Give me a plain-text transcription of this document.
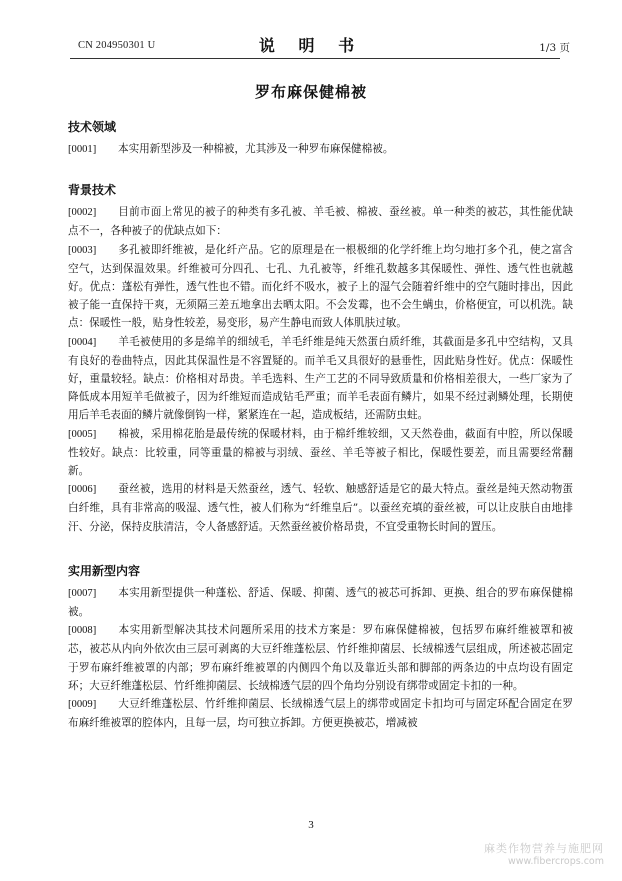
CN 204950301 U	说 明 书	1/3 页
罗布麻保健棉被
技术领域

[0001] 本实用新型涉及一种棉被，尤其涉及一种罗布麻保健棉被。

背景技术

[0002] 目前市面上常见的被子的种类有多孔被、羊毛被、棉被、蚕丝被。单一种类的被芯，其性能优缺点不一，各种被子的优缺点如下：

[0003] 多孔被即纤维被，是化纤产品。它的原理是在一根极细的化学纤维上均匀地打多个孔，使之富含空气，达到保温效果。纤维被可分四孔、七孔、九孔被等，纤维孔数越多其保暖性、弹性、透气性也就越好。优点：蓬松有弹性，透气性也不错。而化纤不吸水，被子上的湿气会随着纤维中的空气随时排出，因此被子能一直保持干爽，无须隔三差五地拿出去晒太阳。不会发霉，也不会生螨虫，价格便宜，可以机洗。缺点：保暖性一般，贴身性较差，易变形，易产生静电而致人体肌肤过敏。

[0004] 羊毛被使用的多是绵羊的细绒毛，羊毛纤维是纯天然蛋白质纤维，其截面是多孔中空结构，又具有良好的卷曲特点，因此其保温性是不容置疑的。而羊毛又具很好的悬垂性，因此贴身性好。优点：保暖性好，重量较轻。缺点：价格相对昂贵。羊毛选料、生产工艺的不同导致质量和价格相差很大，一些厂家为了降低成本用短羊毛做被子，因为纤维短而造成钻毛严重；而羊毛表面有鳞片，如果不经过剥鳞处理，长期使用后羊毛表面的鳞片就像倒钩一样，紧紧连在一起，造成板结，还需防虫蛀。

[0005] 棉被，采用棉花胎是最传统的保暖材料，由于棉纤维较细，又天然卷曲，截面有中腔，所以保暖性较好。缺点：比较重，同等重量的棉被与羽绒、蚕丝、羊毛等被子相比，保暖性要差，而且需要经常翻新。

[0006] 蚕丝被，选用的材料是天然蚕丝，透气、轻软、触感舒适是它的最大特点。蚕丝是纯天然动物蛋白纤维，具有非常高的吸湿、透气性，被人们称为“纤维皇后”。以蚕丝充填的蚕丝被，可以让皮肤自由地排汗、分泌，保持皮肤清洁，令人备感舒适。天然蚕丝被价格昂贵，不宜受重物长时间的置压。

实用新型内容

[0007] 本实用新型提供一种蓬松、舒适、保暖、抑菌、透气的被芯可拆卸、更换、组合的罗布麻保健棉被。

[0008] 本实用新型解决其技术问题所采用的技术方案是：罗布麻保健棉被，包括罗布麻纤维被罩和被芯，被芯从内向外依次由三层可剥离的大豆纤维蓬松层、竹纤维抑菌层、长绒棉透气层组成，所述被芯固定于罗布麻纤维被罩的内部；罗布麻纤维被罩的内侧四个角以及靠近头部和脚部的两条边的中点均设有固定环；大豆纤维蓬松层、竹纤维抑菌层、长绒棉透气层的四个角均分别设有绑带或固定卡扣的一种。

[0009] 大豆纤维蓬松层、竹纤维抑菌层、长绒棉透气层上的绑带或固定卡扣均可与固定环配合固定在罗布麻纤维被罩的腔体内，且每一层，均可独立拆卸。方便更换被芯，增减被

3
麻类作物营养与施肥网
www.fibercrops.com
